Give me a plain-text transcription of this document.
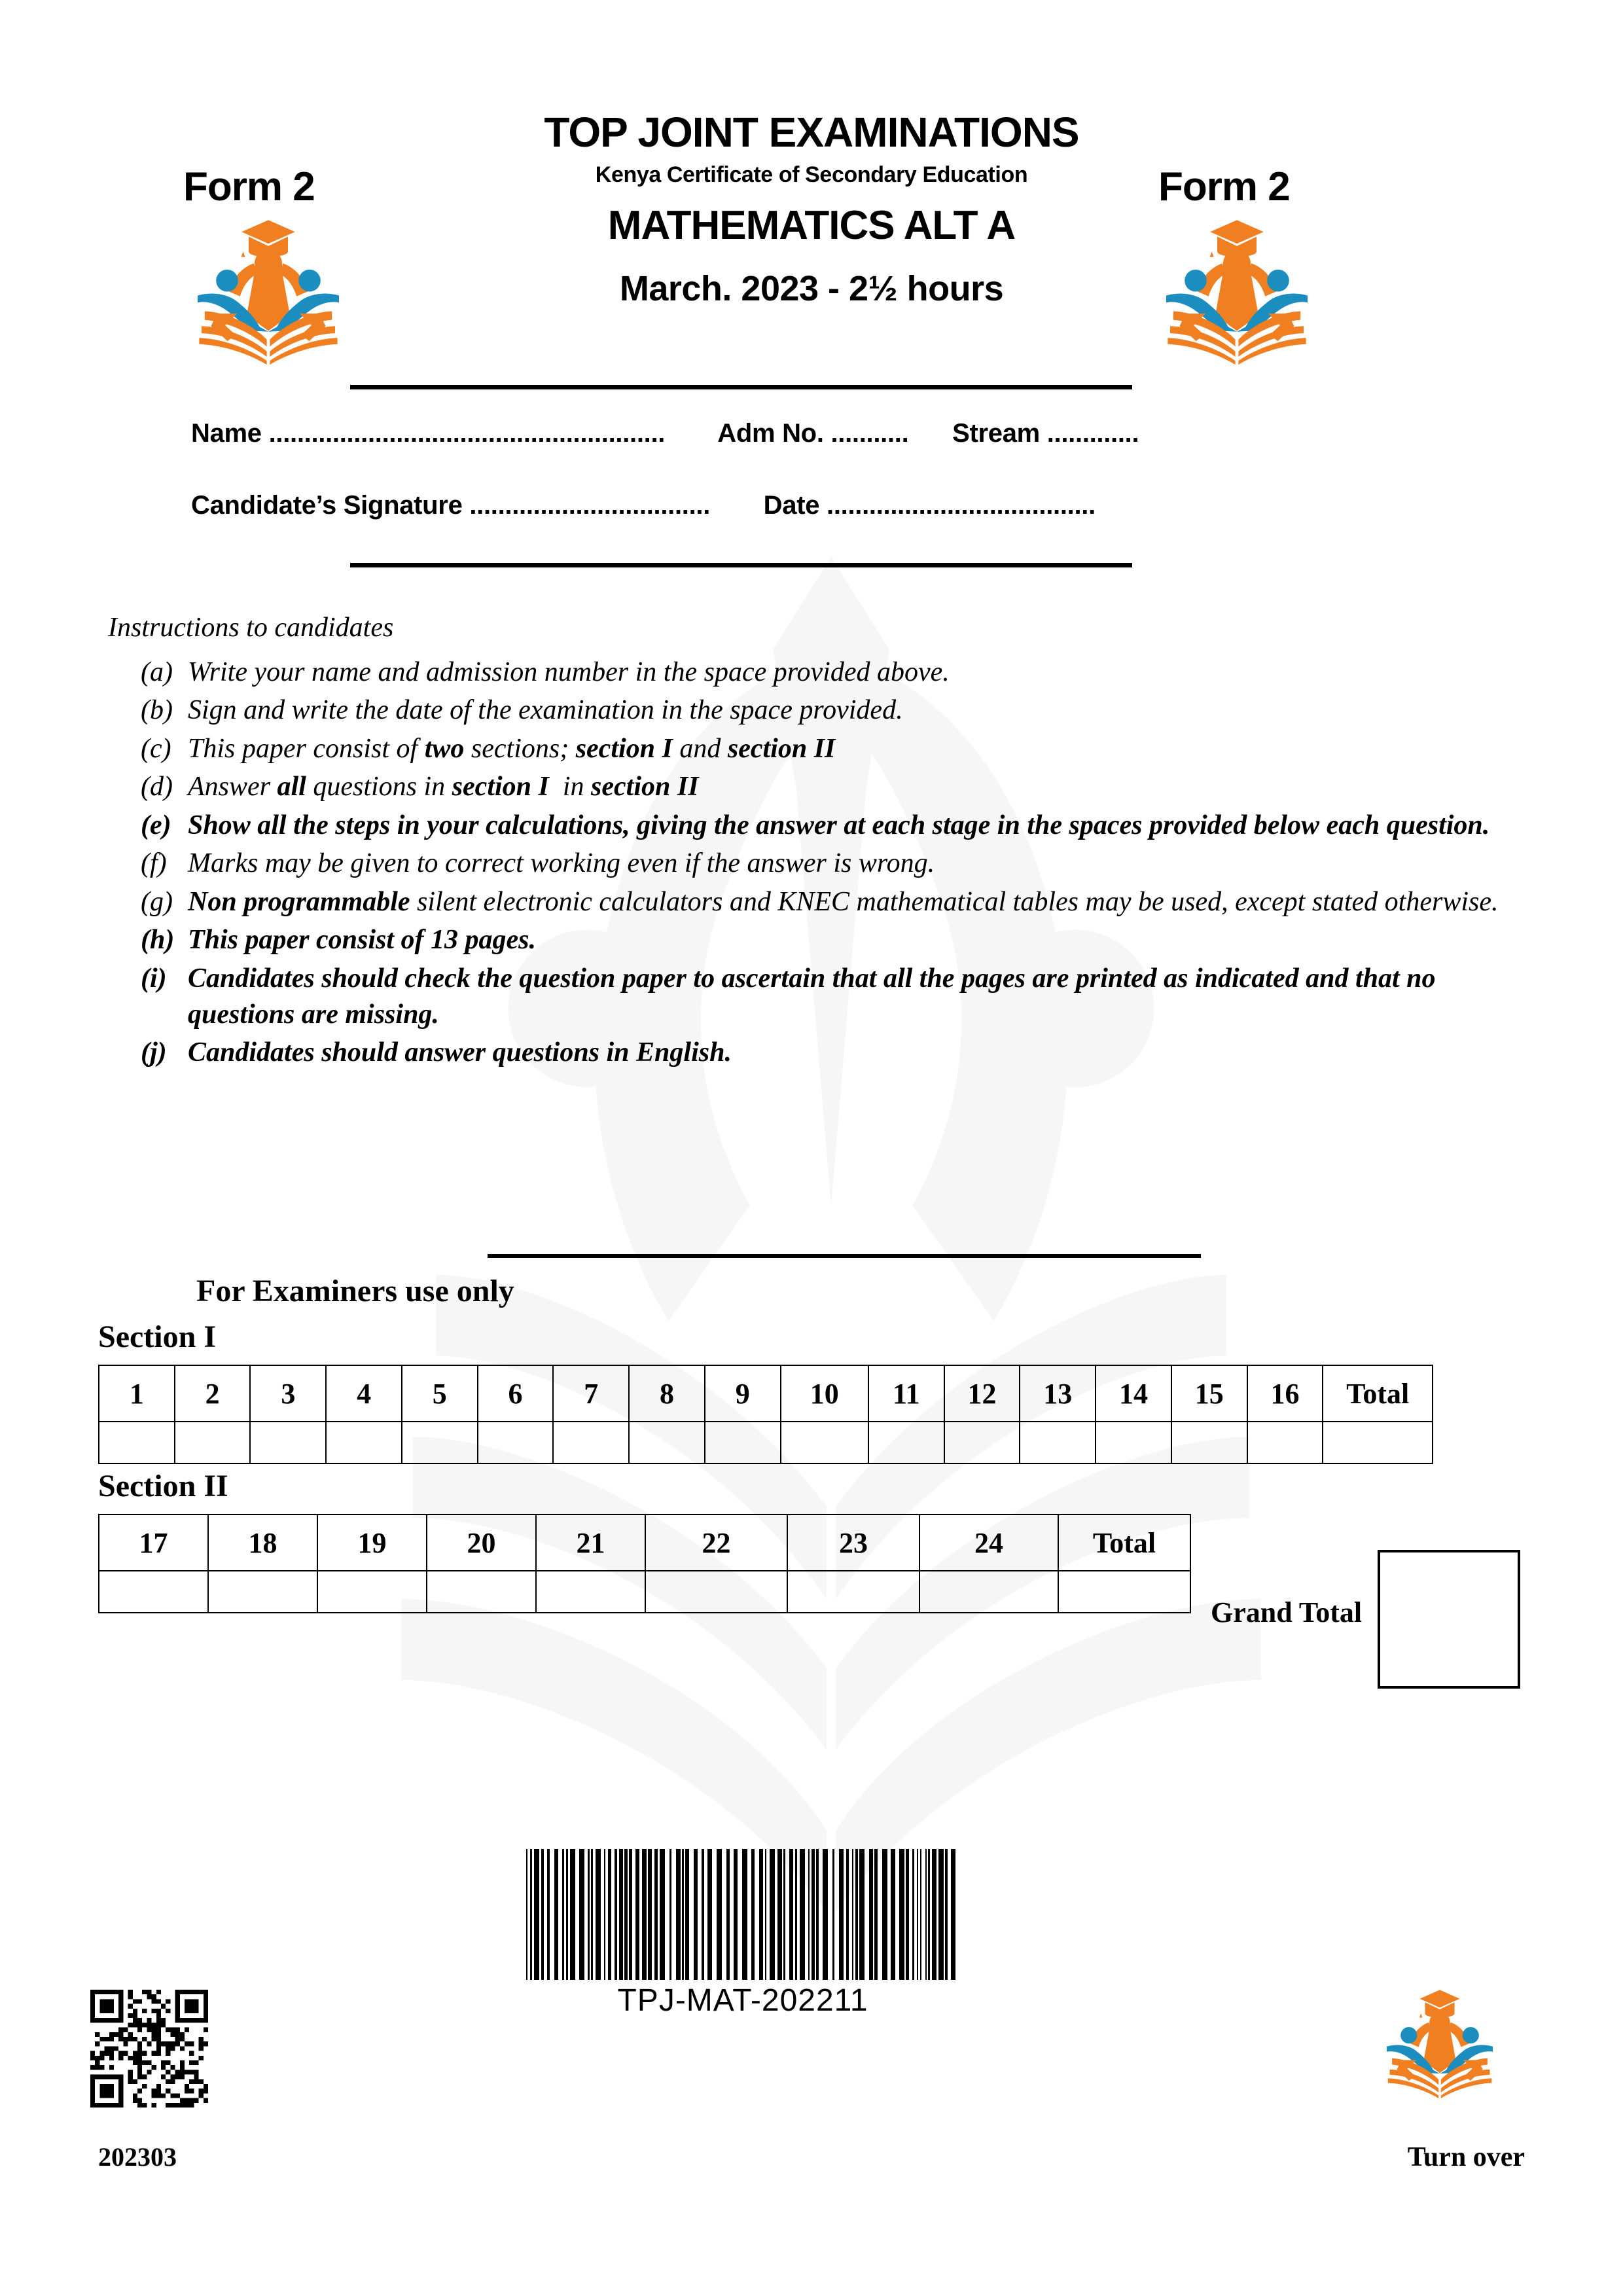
Form 2	Form 2
TOP JOINT EXAMINATIONS
Kenya Certificate of Secondary Education
MATHEMATICS ALT A
March. 2023 - 2½ hours
Name ........................................................ Adm No. ........... Stream .............
Candidate’s Signature .................................. Date ......................................
Instructions to candidates
(a) Write your name and admission number in the space provided above.
(b) Sign and write the date of the examination in the space provided.
(c) This paper consist of two sections; section I and section II
(d) Answer all questions in section I  in section II
(e) Show all the steps in your calculations, giving the answer at each stage in the spaces provided below each question.
(f) Marks may be given to correct working even if the answer is wrong.
(g) Non programmable silent electronic calculators and KNEC mathematical tables may be used, except stated otherwise.
(h) This paper consist of 13 pages.
(i) Candidates should check the question paper to ascertain that all the pages are printed as indicated and that no questions are missing.
(j) Candidates should answer questions in English.
For Examiners use only
Section I
1	2	3	4	5	6	7	8	9	10	11	12	13	14	15	16	Total

Section II
17	18	19	20	21	22	23	24	Total

Grand Total
TPJ-MAT-202211
202303	Turn over
